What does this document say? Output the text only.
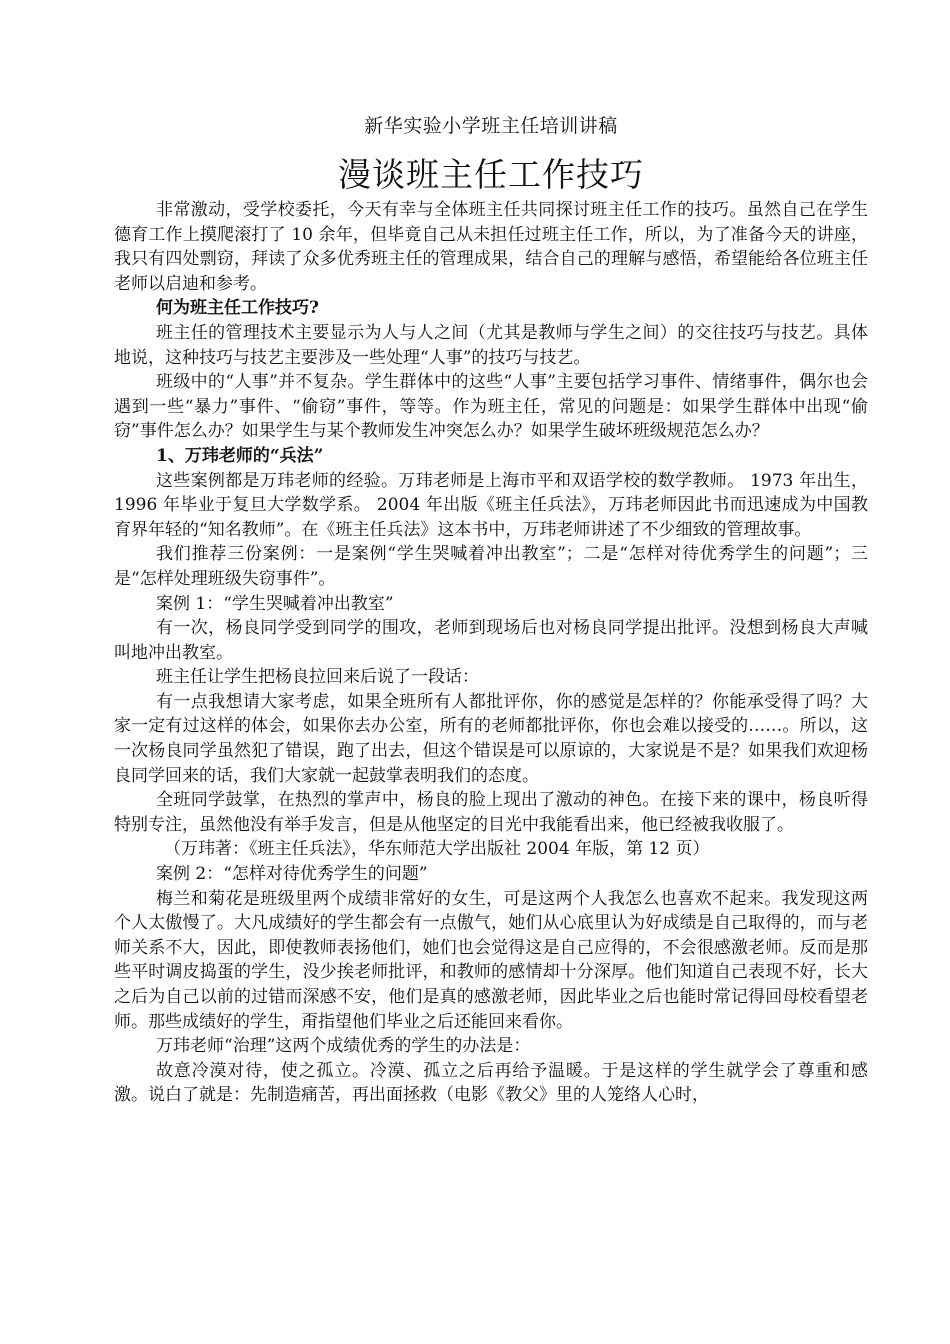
新华实验小学班主任培训讲稿
漫谈班主任工作技巧

非常激动，受学校委托，今天有幸与全体班主任共同探讨班主任工作的技巧。虽然自己在学生德育工作上摸爬滚打了 10 余年，但毕竟自己从未担任过班主任工作，所以，为了准备今天的讲座，我只有四处剽窃，拜读了众多优秀班主任的管理成果，结合自己的理解与感悟，希望能给各位班主任老师以启迪和参考。

何为班主任工作技巧?

班主任的管理技术主要显示为人与人之间（尤其是教师与学生之间）的交往技巧与技艺。具体地说，这种技巧与技艺主要涉及一些处理“人事”的技巧与技艺。

班级中的“人事”并不复杂。学生群体中的这些“人事”主要包括学习事件、情绪事件，偶尔也会遇到一些“暴力”事件、“偷窃”事件，等等。作为班主任，常见的问题是：如果学生群体中出现“偷窃”事件怎么办？如果学生与某个教师发生冲突怎么办？如果学生破坏班级规范怎么办？

1、万玮老师的“兵法”

这些案例都是万玮老师的经验。万玮老师是上海市平和双语学校的数学教师。 1973 年出生， 1996 年毕业于复旦大学数学系。 2004 年出版《班主任兵法》，万玮老师因此书而迅速成为中国教育界年轻的“知名教师”。在《班主任兵法》这本书中，万玮老师讲述了不少细致的管理故事。

我们推荐三份案例：一是案例“学生哭喊着冲出教室”；二是“怎样对待优秀学生的问题”；三是“怎样处理班级失窃事件”。

案例 1：“学生哭喊着冲出教室”

有一次，杨良同学受到同学的围攻，老师到现场后也对杨良同学提出批评。没想到杨良大声喊叫地冲出教室。

班主任让学生把杨良拉回来后说了一段话：

有一点我想请大家考虑，如果全班所有人都批评你，你的感觉是怎样的？你能承受得了吗？大家一定有过这样的体会，如果你去办公室，所有的老师都批评你，你也会难以接受的……。所以，这一次杨良同学虽然犯了错误，跑了出去，但这个错误是可以原谅的，大家说是不是？如果我们欢迎杨良同学回来的话，我们大家就一起鼓掌表明我们的态度。

全班同学鼓掌，在热烈的掌声中，杨良的脸上现出了激动的神色。在接下来的课中，杨良听得特别专注，虽然他没有举手发言，但是从他坚定的目光中我能看出来，他已经被我收服了。

（万玮著：《班主任兵法》，华东师范大学出版社 2004 年版，第 12 页）

案例 2：“怎样对待优秀学生的问题”

梅兰和菊花是班级里两个成绩非常好的女生，可是这两个人我怎么也喜欢不起来。我发现这两个人太傲慢了。大凡成绩好的学生都会有一点傲气，她们从心底里认为好成绩是自己取得的，而与老师关系不大，因此，即使教师表扬他们，她们也会觉得这是自己应得的，不会很感激老师。反而是那些平时调皮捣蛋的学生，没少挨老师批评，和教师的感情却十分深厚。他们知道自己表现不好，长大之后为自己以前的过错而深感不安，他们是真的感激老师，因此毕业之后也能时常记得回母校看望老师。那些成绩好的学生，甭指望他们毕业之后还能回来看你。

万玮老师“治理”这两个成绩优秀的学生的办法是：

故意冷漠对待，使之孤立。冷漠、孤立之后再给予温暖。于是这样的学生就学会了尊重和感激。说白了就是：先制造痛苦，再出面拯救（电影《教父》里的人笼络人心时，
